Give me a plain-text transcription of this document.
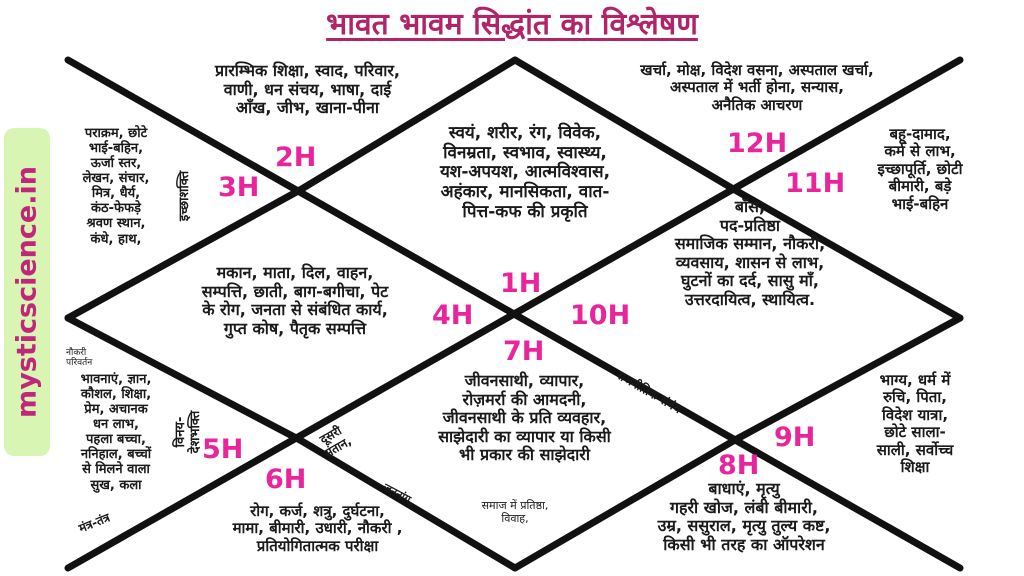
भावत भावम सिद्धांत का विश्लेषण
mysticscience.in
स्वयं, शरीर, रंग, विवेक,
विनम्रता, स्वभाव, स्वास्थ्य,
यश-अपयश, आत्मविश्वास,
अहंकार, मानसिकता, वात-
पित्त-कफ की प्रकृति
1H
प्रारम्भिक शिक्षा, स्वाद, परिवार,
वाणी, धन संचय, भाषा, दाई
आँख, जीभ, खाना-पीना
2H
पराक्रम, छोटे
भाई-बहिन,
ऊर्जा स्तर,
लेखन, संचार,
मित्र, धैर्य,
कंठ-फेफड़े
श्रवण स्थान,
कंधे, हाथ,
3H
इच्छाशक्ति
मकान, माता, दिल, वाहन,
सम्पत्ति, छाती, बाग-बगीचा, पेट
के रोग, जनता से संबंधित कार्य,
गुप्त कोष, पैतृक सम्पत्ति	4H
नौकरी
परिवर्तन
भावनाएं, ज्ञान,
कौशल, शिक्षा,
प्रेम, अचानक
धन लाभ,
पहला बच्चा,
ननिहाल, बच्चों
से मिलने वाला
सुख, कला
विनय-
देशभक्ति 5H
मंत्र-तंत्र
6H
रोग, कर्ज, शत्रु, दुर्घटना,
मामा, बीमारी, उधारी, नौकरी ,
प्रतियोगितात्मक परीक्षा
7H
जीवनसाथी, व्यापार,
रोज़मर्रा की आमदनी,
जीवनसाथी के प्रति व्यवहार,
साझेदारी का व्यापार या किसी
भी प्रकार की साझेदारी
दूसरी
संतान,
जननांग,	समाज में प्रतिष्ठा,
विवाह,
8H
बाधाएं, मृत्यु
गहरी खोज, लंबी बीमारी,
उम्र, ससुराल, मृत्यु तुल्य कष्ट,
किसी भी तरह का ऑपरेशन
9H
भाग्य, धर्म में
रुचि, पिता,
विदेश यात्रा,
छोटे साला-
साली, सर्वोच्च
शिक्षा
बॉस,
पद-प्रतिष्ठा
समाजिक सम्मान, नौकरी,
व्यवसाय, शासन से लाभ,
घुटनों का दर्द, सासु माँ,
उत्तरदायित्व, स्थायित्व.
10H
राजनीतिक संबंध
11H
बहू-दामाद,
कर्म से लाभ,
इच्छापूर्ति, छोटी
बीमारी, बड़े
भाई-बहिन
खर्चा, मोक्ष, विदेश वसना, अस्पताल खर्चा,
अस्पताल में भर्ती होना, सन्यास,
अनैतिक आचरण
12H
